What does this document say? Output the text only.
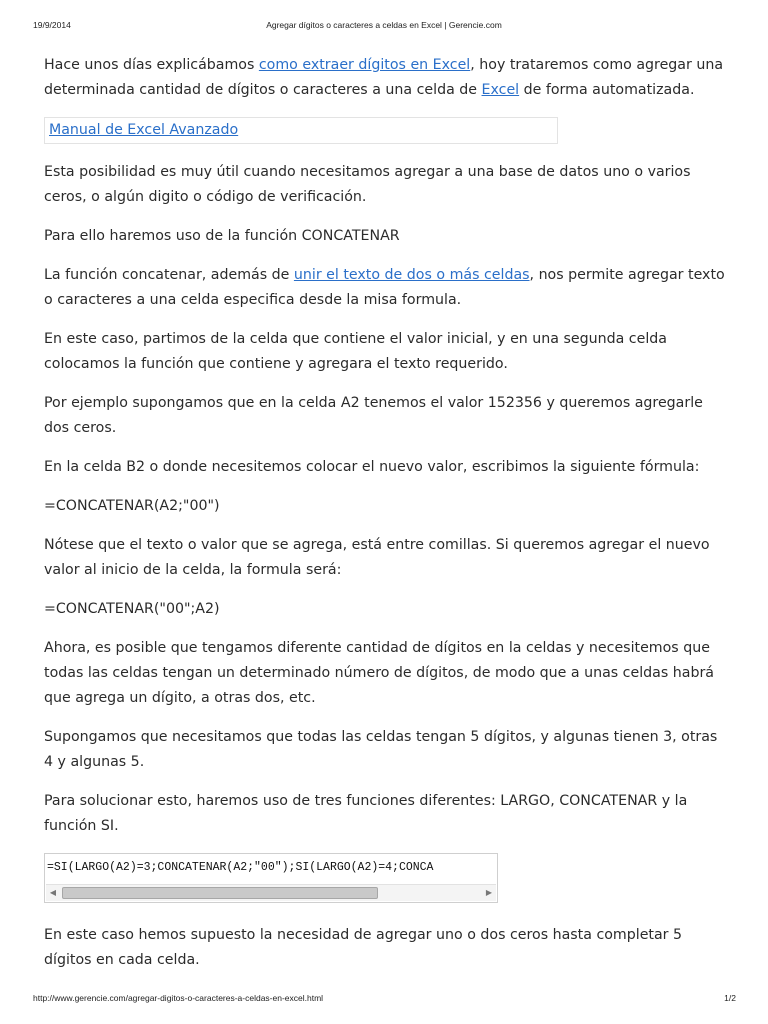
19/9/2014	Agregar dígitos o caracteres a celdas en Excel | Gerencie.com

Hace unos días explicábamos como extraer dígitos en Excel, hoy trataremos como agregar una determinada cantidad de dígitos o caracteres a una celda de Excel de forma automatizada.

Manual de Excel Avanzado

Esta posibilidad es muy útil cuando necesitamos agregar a una base de datos uno o varios ceros, o algún digito o código de verificación.

Para ello haremos uso de la función CONCATENAR

La función concatenar, además de unir el texto de dos o más celdas, nos permite agregar texto o caracteres a una celda especifica desde la misa formula.

En este caso, partimos de la celda que contiene el valor inicial, y en una segunda celda colocamos la función que contiene y agregara el texto requerido.

Por ejemplo supongamos que en la celda A2 tenemos el valor 152356 y queremos agregarle dos ceros.

En la celda B2 o donde necesitemos colocar el nuevo valor, escribimos la siguiente fórmula:

=CONCATENAR(A2;"00")

Nótese que el texto o valor que se agrega, está entre comillas. Si queremos agregar el nuevo valor al inicio de la celda, la formula será:

=CONCATENAR("00";A2)

Ahora, es posible que tengamos diferente cantidad de dígitos en la celdas y necesitemos que todas las celdas tengan un determinado número de dígitos, de modo que a unas celdas habrá que agrega un dígito, a otras dos, etc.

Supongamos que necesitamos que todas las celdas tengan 5 dígitos, y algunas tienen 3, otras 4 y algunas 5.

Para solucionar esto, haremos uso de tres funciones diferentes: LARGO, CONCATENAR y la función SI.

=SI(LARGO(A2)=3;CONCATENAR(A2;"00");SI(LARGO(A2)=4;CONCA
◀	▶

En este caso hemos supuesto la necesidad de agregar uno o dos ceros hasta completar 5 dígitos en cada celda.

http://www.gerencie.com/agregar-digitos-o-caracteres-a-celdas-en-excel.html	1/2
